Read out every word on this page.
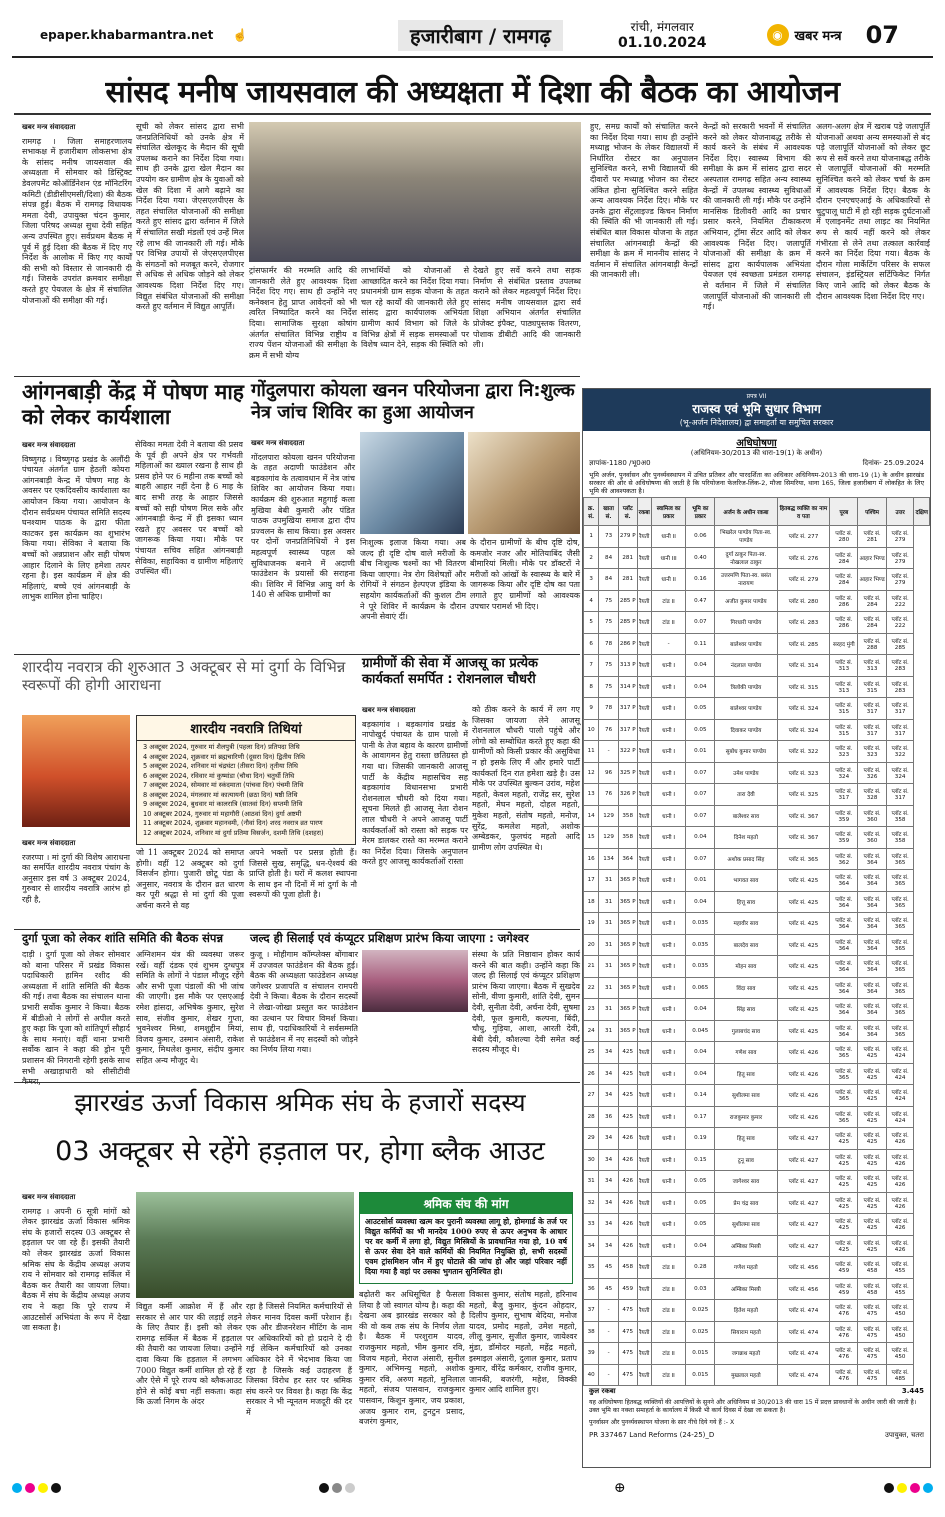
epaper.khabarmantra.net	☝	हजारीबाग / रामगढ़	रांची, मंगलवार
01.10.2024	◉ खबर मन्त्र 07
सांसद मनीष जायसवाल की अध्यक्षता में दिशा की बैठक का आयोजन
खबर मन्त्र संवाददाता
रामगढ़ । जिला समाहरणालय सभाकक्ष में हजारीबाग लोकसभा क्षेत्र के सांसद मनीष जायसवाल की अध्यक्षता में सोमवार को डिस्ट्रिक्ट डेवलपमेंट कोऑर्डिनेशन एंड मॉनिटरिंग कमिटी (डीडीसीएमसी/दिशा) की बैठक संपन्न हुई। बैठक में रामगढ़ विधायक ममता देवी, उपायुक्त चंदन कुमार, जिला परिषद अध्यक्ष सुधा देवी सहित अन्य उपस्थित हुए। सर्वप्रथम बैठक में पूर्व में हुई दिशा की बैठक में दिए गए निर्देश के आलोक में किए गए कार्यों की सभी को विस्तार से जानकारी दी गई। जिसके उपरांत क्रमवार समीक्षा करते हुए पेयजल के क्षेत्र में संचालित योजनाओं की समीक्षा की गई।
सूची को लेकर सांसद द्वारा सभी जनप्रतिनिधियों को उनके क्षेत्र में संचालित खेलकूद के मैदान की सूची उपलब्ध कराने का निर्देश दिया गया। साथ ही उनके द्वारा खेल मैदान का उपयोग कर ग्रामीण क्षेत्र के युवाओं को खेल की दिशा में आगे बढ़ाने का निर्देश दिया गया। जेएसएलपीएस के तहत संचालित योजनाओं की समीक्षा करते हुए सांसद द्वारा वर्तमान में जिले में संचालित सखी मंडलों एवं उन्हें मिल रहे लाभ की जानकारी ली गई। मौके पर विभिन्न उपायों से जेएसएलपीएस के संगठनों को मजबूत करने, रोजगार से अधिक से अधिक जोड़ने को लेकर आवश्यक दिशा निर्देश दिए गए। विद्युत संबंधित योजनाओं की समीक्षा करते हुए वर्तमान में विद्युत आपूर्ति।
ट्रांसफार्मर की मरम्मति आदि की जानकारी लेते हुए आवश्यक दिशा निर्देश दिए गए। साथ ही उन्होंने नए कनेक्शन हेतु प्राप्त आवेदनों को भी त्वरित निष्पादित करने का निर्देश दिया। सामाजिक सुरक्षा कोषांग अंतर्गत संचालित विभिन्न राष्ट्रीय व राज्य पेंशन योजनाओं की समीक्षा के क्रम में सभी योग्य
लाभार्थियों को योजनाओं से आच्छादित करने का निर्देश दिया गया। प्रधानमंत्री ग्राम सड़क योजना के तहत चल रहे कार्यों की जानकारी लेते हुए सांसद द्वारा कार्यपालक अभियंता ग्रामीण कार्य विभाग को जिले के विभिन्न क्षेत्रों में सड़क समस्याओं पर विशेष ध्यान देने, सड़क की स्थिति को
देखते हुए सर्वे करने तथा सड़क निर्माण से संबंधित प्रस्ताव उपलब्ध कराने को लेकर महत्वपूर्ण निर्देश दिए। सांसद मनीष जायसवाल द्वारा सर्व शिक्षा अभियान अंतर्गत संचालित प्रोजेक्ट इंपैक्ट, पाठ्यपुस्तक वितरण, पोशाक डीबीटी आदि की जानकारी ली।
हुए, समग्र कार्यों को संचालित करने का निर्देश दिया गया। साथ ही उन्होंने मध्याह्न भोजन के लेकर विद्यालयों में निर्धारित रोस्टर का अनुपालन सुनिश्चित करने, सभी विद्यालयों की दीवारों पर मध्याह्न भोजन का रोस्टर अंकित होना सुनिश्चित करने सहित अन्य आवश्यक निर्देश दिए। मौके पर उनके द्वारा सेंट्रलाइज्ड किचन निर्माण की स्थिति की भी जानकारी ली गई। संबंधित बाल विकास योजना के तहत संचालित आंगनबाड़ी केन्द्रों की समीक्षा के क्रम में माननीय सांसद ने वर्तमान में संचालित आंगनबाड़ी केन्द्रों की जानकारी ली।
केन्द्रों को सरकारी भवनों में संचालित करने को लेकर योजनाबद्ध तरीके से कार्य करने के संबंध में आवश्यक निर्देश दिए। स्वास्थ्य विभाग की समीक्षा के क्रम में सांसद द्वारा सदर अस्पताल रामगढ़ सहित अन्य स्वास्थ्य केन्द्रों में उपलब्ध स्वास्थ्य सुविधाओं की जानकारी ली गई। मौके पर उन्होंने मानसिक डिलीवरी आदि का प्रचार प्रसार करने, नियमित टीकाकरण अभियान, ट्रॉमा सेंटर आदि को लेकर आवश्यक निर्देश दिए। जलापूर्ति योजनाओं की समीक्षा के क्रम में सांसद द्वारा कार्यपालक अभियंता पेयजल एवं स्वच्छता प्रमंडल रामगढ़ से वर्तमान में जिले में संचालित जलापूर्ति योजनाओं की जानकारी ली गई।
अलग-अलग क्षेत्र में खराब पड़े जलापूर्ति योजनाओं अथवा अन्य समस्याओं से बंद पड़े जलापूर्ति योजनाओं को लेकर छूट रूप से सर्वे करने तथा योजनाबद्ध तरीके से जलापूर्ति योजनाओं की मरम्मति सुनिश्चित करने को लेकर चर्चा के क्रम में आवश्यक निर्देश दिए। बैठक के दौरान एनएचएआई के अधिकारियों से चुटुपालू घाटी में हो रही सड़क दुर्घटनाओं में एलाइनमेंट तथा लाइट का नियमित रूप से कार्य नहीं करने को लेकर गंभीरता से लेने तथा तत्काल कार्रवाई करने का निर्देश दिया गया। बैठक के दौरान गोला मार्केटिंग परिसर के सफल संचालन, इंडस्ट्रियल सर्टिफिकेट निर्गत किए जाने आदि को लेकर बैठक के दौरान आवश्यक दिशा निर्देश दिए गए।
आंगनबाड़ी केंद्र में पोषण माह को लेकर कार्यशाला
खबर मन्त्र संवाददाता
विष्णुगढ़ । विष्णुगढ़ प्रखंड के अलौंदी पंचायत अंतर्गत ग्राम हेठली कोयरा आंगनबाड़ी केन्द्र में पोषण माह के अवसर पर एकदिवसीय कार्यशाला का आयोजन किया गया। आयोजन के दौरान सर्वप्रथम पंचायत समिति सदस्य घनश्याम पाठक के द्वारा फीता काटकर इस कार्यक्रम का शुभारंभ किया गया। सेविका ने बताया कि बच्चों को अन्नप्राशन और सही पोषण आहार दिलाने के लिए हमेशा तत्पर रहना है। इस कार्यक्रम में क्षेत्र की महिलाएं, बच्चे एवं आंगनबाड़ी के लाभुक शामिल होना चाहिए।
सेविका ममता देवी ने बताया की प्रसव के पूर्व ही अपने क्षेत्र पर गर्भवती महिलाओं का ख्याल रखना है साथ ही प्रसव होने पर 6 महीना तक बच्चों को बाहरी आहार नहीं देना है 6 माह के बाद सभी तरह के आहार जिससे बच्चों को सही पोषण मिल सके और आंगनबाड़ी केन्द्र में ही इसका ध्यान रखते हुए अवसर पर बच्चों को जागरूक किया गया। मौके पर पंचायत सचिव सहित आंगनबाड़ी सेविका, सहायिका व ग्रामीण महिलाएं उपस्थित थीं।
गोंदुलपारा कोयला खनन परियोजना द्वारा नि:शुल्क नेत्र जांच शिविर का हुआ आयोजन
खबर मन्त्र संवाददाता
गोंदलपारा कोयला खनन परियोजना के तहत अदाणी फाउंडेशन और बड़कागांव के तत्वावधान में नेत्र जांच शिविर का आयोजन किया गया। कार्यक्रम की शुरुआत महुगाई कला मुखिया बेबी कुमारी और पंडित पाठक उपमुखिया समाज द्वारा दीप प्रज्वलन के साथ किया। इस अवसर पर दोनों जनप्रतिनिधियों ने इस महत्वपूर्ण स्वास्थ्य पहल को सुविधाजनक बनाने में अदाणी फाउंडेशन के प्रयासों की सराहना की। शिविर में विभिन्न आयु वर्ग के 140 से अधिक ग्रामीणों का
निःशुल्क इलाज किया गया। अब जल्द ही दृष्टि दोष वाले मरीजों के बीच निःशुल्क चश्मों का भी वितरण किया जाएगा। नेत्र रोग विशेषज्ञों और रोगियों ने संगठन हेल्पएज इंडिया के सहयोग कार्यकर्ताओं की कुशल टीम ने पूरे शिविर में कार्यक्रम के दौरान अपनी सेवाएं दीं।
के दौरान ग्रामीणों के बीच दृष्टि दोष, कमजोर नजर और मोतियाबिंद जैसी बीमारियां मिली। मौके पर डॉक्टरों ने मरीजों को आंखों के स्वास्थ्य के बारे में जागरूक किया और दृष्टि दोष का पता लगाते हुए ग्रामीणों को आवश्यक उपचार परामर्श भी दिए।
शारदीय नवरात्र की शुरुआत 3 अक्टूबर से मां दुर्गा के विभिन्न स्वरूपों की होगी आराधना
शारदीय नवरात्रि तिथियां
3 अक्टूबर 2024, गुरुवार मां शैलपुत्री (पहला दिन) प्रतिपदा तिथि
4 अक्टूबर 2024, शुक्रवार मां ब्रह्मचारिणी (दूसरा दिन) द्वितीय तिथि
5 अक्टूबर 2024, शनिवार मां चंद्रघंटा (तीसरा दिन) तृतीया तिथि
6 अक्टूबर 2024, रविवार मां कुष्मांडा (चौथा दिन) चतुर्थी तिथि
7 अक्टूबर 2024, सोमवार मां स्कंदमाता (पांचवा दिन) पंचमी तिथि
8 अक्टूबर 2024, मंगलवार मां कात्यायनी (छठा दिन) षष्ठी तिथि
9 अक्टूबर 2024, बुधवार मां कालरात्रि (सातवां दिन) सप्तमी तिथि
10 अक्टूबर 2024, गुरुवार मां महागौरी (आठवां दिन) दुर्गा अष्टमी
11 अक्टूबर 2024, शुक्रवार महानवमी, (नौवां दिन) शरद नवरात्र व्रत पारण
12 अक्टूबर 2024, शनिवार मां दुर्गा प्रतिमा विसर्जन, दशमी तिथि (दशहरा)
खबर मन्त्र संवाददाता
रजरप्पा । मां दुर्गा की विशेष आराधना का समर्पित शारदीय नवरात्र पंचांग के अनुसार इस वर्ष 3 अक्टूबर 2024, गुरुवार से शारदीय नवरात्रि आरंभ हो रही है,
जो 11 अक्टूबर 2024 को समाप्त होगी। वहीं 12 अक्टूबर को दुर्गा विसर्जन होगा। पुजारी छोटू पंडा के अनुसार, नवरात्र के दौरान व्रत धारण कर पूरी श्रद्धा से मां दुर्गा की पूजा अर्चना करने से वह
अपने भक्तों पर प्रसन्न होती हैं। जिससे सुख, समृद्धि, धन-ऐश्वर्य की प्राप्ति होती है। घरों में कलश स्थापना के साथ इन नौ दिनों में मां दुर्गा के नौ स्वरूपों की पूजा होती है।
ग्रामीणों की सेवा में आजसू का प्रत्येक कार्यकर्ता समर्पित : रोशनलाल चौधरी
खबर मन्त्र संवाददाता
बड़कागांव । बड़कागांव प्रखंड के नापोखुर्द पंचायत के ग्राम पालो में पानी के तेज बहाव के कारण ग्रामीणों के आवागमन हेतु रास्ता छतिग्रस्त हो गया था। जिसकी जानकारी आजसू पार्टी के केंद्रीय महासचिव सह बड़कागांव विधानसभा प्रभारी रोशनलाल चौधरी को दिया गया। सूचना मिलते ही आजसू नेता रोशन लाल चौधरी ने अपने आजसू पार्टी कार्यकर्ताओं को रास्ता को सड़क पर मेरम डालकर रास्ते का मरम्मत कराने का निर्देश दिया। जिसके अनुपालन करते हुए आजसू कार्यकर्ताओं रास्ता
को ठीक करने के कार्य में लग गए जिसका जायजा लेने आजसू रोशनलाल चौधरी पालो पहुंचे और लोगो को सम्बोधित करते हुए कहा की ग्रामीणों को किसी प्रकार की असुविधा न हो इसके लिए मैं और हमारे पार्टी कार्यकर्ता दिन रात हमेशा खड़े है। उस मौके पर उपस्थित बुल्कन उरांव, महेश महतो, केवल महतो, राजेंद्र सर, सुरेश महतो, मेघन महतो, दोहल महतो, मुकेश महतो, संतोष महतो, मनोज, सुरेंद्र, कमलेश महतो, अशोक अम्बेडकर, फुलचंद महतो आदि ग्रामीण लोग उपस्थित थे।
दुर्गा पूजा को लेकर शांति समिति की बैठक संपन्न
दाड़ी । दुर्गा पूजा को लेकर सोमवार को बाना परिसर में प्रखंड विकास पदाधिकारी हामिन रशीद की अध्यक्षता में शांति समिति की बैठक की गई। तथा बैठक का संचालन थाना प्रभारी सर्वोक कुमार ने किया। बैठक में बीडीओ ने लोगों से अपील करते हुए कहा कि पूजा को शांतिपूर्ण सौहार्द के साथ मनाएं। वहीं थाना प्रभारी सर्वोक खान ने कहा की ड्रोन पूरी प्रशासन की निगरानी रहेगी इसके साथ सभी अखाड़ाधारी को सीसीटीवी
अग्निशमन यंत्र की व्यवस्था जरूर रखें। वहीं दंडक एवं शुभम दुग्धपुत्र समिति के लोगों ने पंडाल मौजूद रहेंगे और सभी पूजा पंडालों की भी जांच की जाएगी। इस मौके पर एसएआई रमेश हांसदा, अभिषेक कुमार, सुरेश साव, संजीव कुमार, शेखर गुप्ता, भुवनेश्वर मिश्रा, शमशुद्दीन मियां, विजय कुमार, उस्मान अंसारी, राकेश कुमार, मिथलेश कुमार, संदीप कुमार सहित अन्य मौजूद थे।
जल्द ही सिलाई एवं कंप्यूटर प्रशिक्षण प्रारंभ किया जाएगा : जगेश्वर
कुजू । मोहीगाम कॉम्प्लेक्स बोंगाबार में उज्जवल फाउंडेशन की बैठक हुई। बैठक की अध्यक्षता फाउंडेशन अध्यक्ष जगेश्वर प्रजापति व संचालन रामपरी देवी ने किया। बैठक के दौरान सदस्यों ने लेखा-जोखा प्रस्तुत कर फाउंडेशन का उत्थान पर विचार विमर्श किया। साथ ही, पदाधिकारियों ने सर्वसम्मति से फाउंडेशन में नए सदस्यों को जोड़ने का निर्णय लिया गया।
संस्था के प्रति निष्ठावान होकर कार्य करने की बात कही। उन्होंने कहा कि जल्द ही सिलाई एवं कंप्यूटर प्रशिक्षण प्रारंभ किया जाएगा। बैठक में सुखदेव सोनी, वीणा कुमारी, शांति देवी, सुमन देवी, सुनीता देवी, अर्चना देवी, सुषमा देवी, फूल कुमारी, कल्पना, बिंदी, चौधु, गुड़िया, आशा, आरती देवी, बेबी देवी, कौशल्या देवी समेत कई सदस्य मौजूद थे।
झारखंड ऊर्जा विकास श्रमिक संघ के हजारों सदस्य
03 अक्टूबर से रहेंगे हड़ताल पर, होगा ब्लैक आउट
खबर मन्त्र संवाददाता
रामगढ़ । अपनी 6 सूत्री मांगों को लेकर झारखंड ऊर्जा विकास श्रमिक संघ के हजारों सदस्य 03 अक्टूबर से हड़ताल पर जा रहे हैं। इसकी तैयारी को लेकर झारखंड ऊर्जा विकास श्रमिक संघ के केंद्रीय अध्यक्ष अजय राय ने सोमवार को रामगढ़ सर्किल में बैठक कर तैयारी का जायजा लिया। बैठक में संघ के केंद्रीय अध्यक्ष अजय राय ने कहा कि पूरे राज्य में आउटसोर्स अभियंता के रूप में देखा जा सकता है।
विद्युत कर्मी आक्रोश में हैं और सरकार से आर पार की लड़ाई लड़ने के लिए तैयार हैं। इसी को लेकर रामगढ़ सर्किल में बैठक में हड़ताल की तैयारी का जायजा लिया। उन्होंने दावा किया कि हड़ताल में लगभग 7000 विद्युत कर्मी शामिल हो रहे हैं और ऐसे में पूरे राज्य को ब्लैकआउट होने से कोई बचा नहीं सकता। कहा कि ऊर्जा निगम के अंदर
रहा है जिससे नियमित कर्मचारियों से लेकर मानव दिवस कर्मी परेशान हैं। एक और डीजनरेशन मीटिंग के नाम पर अधिकारियों को हो प्रदाने दे दी गई लेकिन कर्मचारियों को उनका अधिकार देने में भेदभाव किया जा रहा है जिसके कई उदाहरण हैं जिसका विरोध हर स्तर पर श्रमिक संघ करने पर विवश है। कहा कि केंद्र सरकार ने भी न्यूनतम मजदूरी की दर में
श्रमिक संघ की मांग
आउटसोर्स व्यवस्था खत्म कर पुरानी व्यवस्था लागू हो, होमगार्ड के तर्ज पर विद्युत कर्मियों का भी मानदेय 1000 रुपए से ऊपर अनुभव के आधार पर वर कर्मी में लगा हो, विद्युत मिस्त्रियों के प्रावधानित गया हो, 10 वर्ष से ऊपर सेवा देने वाले कर्मियों की नियमित नियुक्ति हो, सभी सदस्यों एवम ट्रांसमिशन जौन में हुए घोटाले की जांच हो और जहां परिवार नहीं दिया गया है वहां पर उसका भुगतान सुनिश्चित हो।
बढ़ोतरी कर अधिसूचित है फैसला लिया है जो स्वागत योग्य है। कहा की देखना अब झारखंड सरकार को है की वो कब तक संघ के निर्णय लेता है। बैठक में परशुराम यादव, राजकुमार महतो, भीम कुमार रवि, विजय महतो, मेराज अंसारी, सुनील कुमार, अभिमन्यु महतो, अशोक कुमार रवि, अरुण महतो, मुनिलाल महतो, संजय पासवान, राजकुमार पासवान, किशुन कुमार, जय प्रकाश, अजय कुमार राम, टुनटुन प्रसाद, बजरंग कुमार,
विकास कुमार, संतोष महतो, हरिनाथ महतो, बैजु कुमार, कुंदन ओहदार, दिलीप कुमार, सुभाष बेदिया, मनोज यादव, प्रमोद महतो, उमेश महतो, लीलू कुमार, सुजीत कुमार, जायेश्वर मुंडा, डॉमोदर महतो, महेंद्र महतो, इस्माइल अंसारी, दुलाल कुमार, प्रताप कुमार, वीरेंद्र कर्मकार, राजीव कुमार, जानकी, बजरंगी, महेश, विक्की कुमार आदि शामिल हुए।
प्रपत्र VII
राजस्व एवं भूमि सुधार विभाग
(भू-अर्जन निदेशालय) द्वा समाहर्ता या समुचित सरकार
अधिघोषणा
(अधिनियम-30/2013 की धारा-19(1) के अधीन)
ज्ञापांक-1180 /भू0अ0	दिनांक- 25.09.2024
भूमि अर्जन, पुनर्वासन और पुनर्व्यवस्थापन में उचित प्रतिकर और पारदर्शिता का अधिकार अधिनियम-2013 की धारा-19 (1) के अधीन झारखंड सरकार की ओर से अधिघोषणा की जाती है कि परियोजना फेलरिज-लिंक-2, मौजा सिमरिया, थाना 165, जिला हजारीबाग में लोकहित के लिए भूमि की आवश्यकता है।
क्र. सं.	खाता सं.	प्लॉट सं.	रकबा	स्वामित्व का प्रकार	भूमि का प्रकार	अर्जन के अधीन रकबा	हितबद्ध व्यक्ति का नाम व पता	पूरब	पश्चिम	उत्तर	दक्षिण
1	73	279 P	रैयती	धानी II	0.06	भिखरेल पाण्डेय पिता-स्व. पाण्डेय	प्लॉट सं. 277	प्लॉट सं. 280	प्लॉट सं. 281	प्लॉट सं. 279	
2	84	281	रैयती	धानी III	0.40	दुर्गा ठाकुर पिता-स्व. नोखलाल ठाकुर	प्लॉट सं. 276	प्लॉट सं. 284	आहार भिण्ड	प्लॉट सं. 279	
3	84	281	रैयती	धानी II	0.16	उत्तरमणि पिता-स्व. बसंत नारायण	प्लॉट सं. 279	प्लॉट सं. 284	आहार भिण्ड	प्लॉट सं. 279	
4	75	285 P	रैयती	टांड II	0.47	अजीत कुमार पाण्डेय	प्लॉट सं. 280	प्लॉट सं. 286	प्लॉट सं. 284	प्लॉट सं. 222	
5	75	285 P	रैयती	टांड II	0.07	गिरधारी पाण्डेय	प्लॉट सं. 283	प्लॉट सं. 286	प्लॉट सं. 284	प्लॉट सं. 222	
6	78	286 P	रैयती	-	0.11	बालेश्वर पाण्डेय	प्लॉट सं. 285	सरहद मुंगी	प्लॉट सं. 288	प्लॉट सं. 285	
7	75	313 P	रैयती	धानी I	0.04	नंदलाल पाण्डेय	प्लॉट सं. 314	प्लॉट सं. 313	प्लॉट सं. 313	प्लॉट सं. 283	
8	75	314 P	रैयती	धानी I	0.04	त्रिलोकी पाण्डेय	प्लॉट सं. 315	प्लॉट सं. 313	प्लॉट सं. 315	प्लॉट सं. 283	
9	78	317 P	रैयती	धानी I	0.05	बालेश्वर पाण्डेय	प्लॉट सं. 324	प्लॉट सं. 315	प्लॉट सं. 317	प्लॉट सं. 317	
10	76	317 P	रैयती	धानी I	0.05	दिवाकर पाण्डेय	प्लॉट सं. 324	प्लॉट सं. 315	प्लॉट सं. 317	प्लॉट सं. 317	
11	-	322 P	रैयती	धानी I	0.01	सुबोध कुमार पाण्डेय	प्लॉट सं. 322	प्लॉट सं. 323	प्लॉट सं. 323	प्लॉट सं. 322	
12	96	325 P	रैयती	धानी I	0.07	उमेश पाण्डेय	प्लॉट सं. 323	प्लॉट सं. 324	प्लॉट सं. 326	प्लॉट सं. 324	
13	76	326 P	रैयती	धानी I	0.07	तारा देवी	प्लॉट सं. 325	प्लॉट सं. 317	प्लॉट सं. 328	प्लॉट सं. 317	
14	129	358	रैयती	धानी I	0.07	बालेश्वर साव	प्लॉट सं. 367	प्लॉट सं. 359	प्लॉट सं. 360	प्लॉट सं. 358	
15	129	358	रैयती	धानी I	0.04	दिनेश महतो	प्लॉट सं. 367	प्लॉट सं. 359	प्लॉट सं. 360	प्लॉट सं. 358	
16	134	364	रैयती	धानी I	0.07	अशोक प्रसाद सिंह	प्लॉट सं. 365	प्लॉट सं. 362	प्लॉट सं. 364	प्लॉट सं. 365	
17	31	365 P	रैयती	धानी I	0.01	भागवत साव	प्लॉट सं. 425	प्लॉट सं. 364	प्लॉट सं. 364	प्लॉट सं. 365	
18	31	365 P	रैयती	धानी I	0.04	हित्तू साव	प्लॉट सं. 425	प्लॉट सं. 364	प्लॉट सं. 364	प्लॉट सं. 365	
19	31	365 P	रैयती	धानी I	0.035	महावीर साव	प्लॉट सं. 425	प्लॉट सं. 364	प्लॉट सं. 364	प्लॉट सं. 365	
20	31	365 P	रैयती	धानी I	0.035	बालदेव साव	प्लॉट सं. 425	प्लॉट सं. 364	प्लॉट सं. 364	प्लॉट सं. 365	
21	31	365 P	रैयती	धानी I	0.035	मोहन साव	प्लॉट सं. 425	प्लॉट सं. 364	प्लॉट सं. 364	प्लॉट सं. 365	
22	31	365 P	रैयती	धानी I	0.065	विंदा साव	प्लॉट सं. 425	प्लॉट सं. 364	प्लॉट सं. 364	प्लॉट सं. 365	
23	31	365 P	रैयती	धानी I	0.04	सिंह्र साव	प्लॉट सं. 425	प्लॉट सं. 364	प्लॉट सं. 364	प्लॉट सं. 365	
24	31	365 P	रैयती	धानी I	0.045	गुलाबचंद साव	प्लॉट सं. 425	प्लॉट सं. 364	प्लॉट सं. 364	प्लॉट सं. 365	
25	34	425	रैयती	धानी I	0.04	गणेश साव	प्लॉट सं. 426	प्लॉट सं. 365	प्लॉट सं. 425	प्लॉट सं. 424	
26	34	425	रैयती	धानी I	0.04	हितू साव	प्लॉट सं. 426	प्लॉट सं. 365	प्लॉट सं. 425	प्लॉट सं. 424	
27	34	425	रैयती	धानी I	0.14	सुशीलमा साव	प्लॉट सं. 426	प्लॉट सं. 365	प्लॉट सं. 425	प्लॉट सं. 424	
28	36	425	रैयती	धानी I	0.17	राजकुमार कुमार	प्लॉट सं. 426	प्लॉट सं. 365	प्लॉट सं. 425	प्लॉट सं. 424	
29	34	426	रैयती	धानी I	0.19	हितू साव	प्लॉट सं. 427	प्लॉट सं. 425	प्लॉट सं. 425	प्लॉट सं. 426	
30	34	426	रैयती	धानी I	0.15	टुनू साव	प्लॉट सं. 427	प्लॉट सं. 425	प्लॉट सं. 425	प्लॉट सं. 426	
31	34	426	रैयती	धानी I	0.05	जागेश्वर साव	प्लॉट सं. 427	प्लॉट सं. 425	प्लॉट सं. 425	प्लॉट सं. 426	
32	34	426	रैयती	धानी I	0.05	प्रेम चंद्र साव	प्लॉट सं. 427	प्लॉट सं. 425	प्लॉट सं. 425	प्लॉट सं. 426	
33	34	426	रैयती	धानी I	0.05	सुशीलमा साव	प्लॉट सं. 427	प्लॉट सं. 425	प्लॉट सं. 425	प्लॉट सं. 426	
34	34	426	रैयती	धानी I	0.04	अम्बिका मिस्त्री	प्लॉट सं. 427	प्लॉट सं. 425	प्लॉट सं. 425	प्लॉट सं. 426	
35	45	458	रैयती	टांड II	0.28	गणेश महतो	प्लॉट सं. 456	प्लॉट सं. 459	प्लॉट सं. 458	प्लॉट सं. 455	
36	45	459	रैयती	टांड II	0.03	अम्बिका मिस्त्री	प्लॉट सं. 456	प्लॉट सं. 459	प्लॉट सं. 458	प्लॉट सं. 455	
37	-	475	रैयती	टांड II	0.025	हितेश महतो	प्लॉट सं. 474	प्लॉट सं. 476	प्लॉट सं. 475	प्लॉट सं. 450	
38	-	475	रैयती	टांड II	0.025	सियाराम महतो	प्लॉट सं. 474	प्लॉट सं. 476	प्लॉट सं. 475	प्लॉट सं. 450	
39	-	475	रैयती	टांड II	0.015	जगन्नाथ महतो	प्लॉट सं. 474	प्लॉट सं. 476	प्लॉट सं. 475	प्लॉट सं. 450	
40	-	475	रैयती	टांड II	0.015	मुखलाल महतो	प्लॉट सं. 474	प्लॉट सं. 476	प्लॉट सं. 475	प्लॉट सं. 485	
कुल रकबा	3.445
यह अधिघोषणा हितबद्ध व्यक्तियों की आपत्तियों के सुनने और अधिनियम सं 30/2013 की धारा 15 में प्रदत्त प्रावधानों के अधीन जारी की जाती है। उक्त भूमि का नक्शा समाहर्ता के कार्यालय में किसी भी कार्य दिवस में देखा जा सकता है।
पुनर्वासन और पुनर्व्यवस्थापन योजना के सार नीचे दिये गये हैं :- X
PR 337467 Land Reforms (24-25)_D	उपायुक्त, चतरा
⊕
